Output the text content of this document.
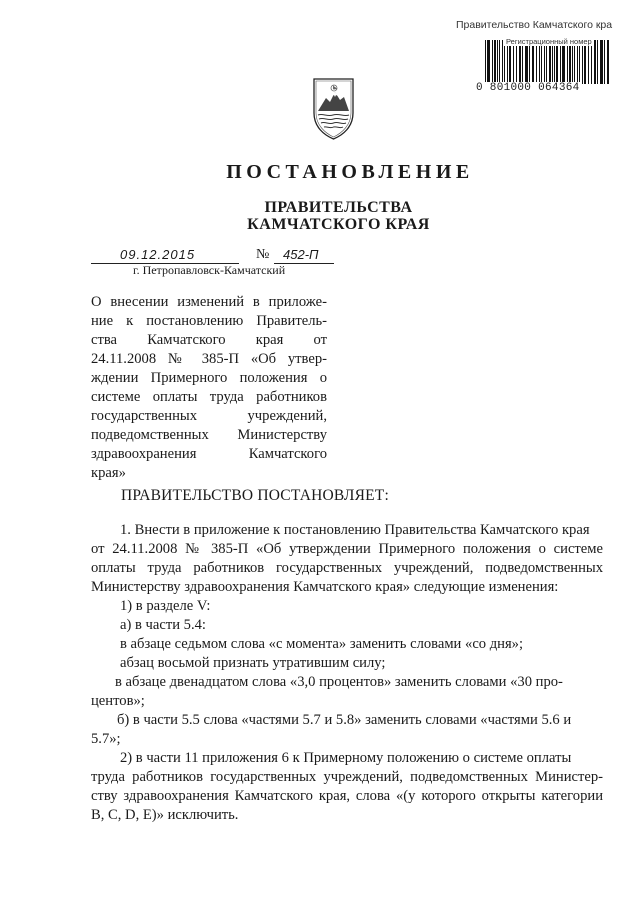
Правительство Камчатского кра
Регистрационный номер
0 801000 064364
ПОСТАНОВЛЕНИЕ
ПРАВИТЕЛЬСТВА
КАМЧАТСКОГО КРАЯ
09.12.2015	№ 452-П
г. Петропавловск-Камчатский
О внесении изменений в приложе-
ние к постановлению Правитель-
ства Камчатского края от
24.11.2008 № 385-П «Об утвер-
ждении Примерного положения о
системе оплаты труда работников
государственных учреждений,
подведомственных Министерству
здравоохранения Камчатского
края»
ПРАВИТЕЛЬСТВО ПОСТАНОВЛЯЕТ:
1. Внести в приложение к постановлению Правительства Камчатского края
от 24.11.2008 № 385-П «Об утверждении Примерного положения о системе
оплаты труда работников государственных учреждений, подведомственных
Министерству здравоохранения Камчатского края» следующие изменения:
1) в разделе V:
а) в части 5.4:
в абзаце седьмом слова «с момента» заменить словами «со дня»;
абзац восьмой признать утратившим силу;
в абзаце двенадцатом слова «3,0 процентов» заменить словами «30 про-
центов»;
б) в части 5.5 слова «частями 5.7 и 5.8» заменить словами «частями 5.6 и
5.7»;
2) в части 11 приложения 6 к Примерному положению о системе оплаты
труда работников государственных учреждений, подведомственных Министер-
ству здравоохранения Камчатского края, слова «(у которого открыты категории
В, С, D, Е)» исключить.
